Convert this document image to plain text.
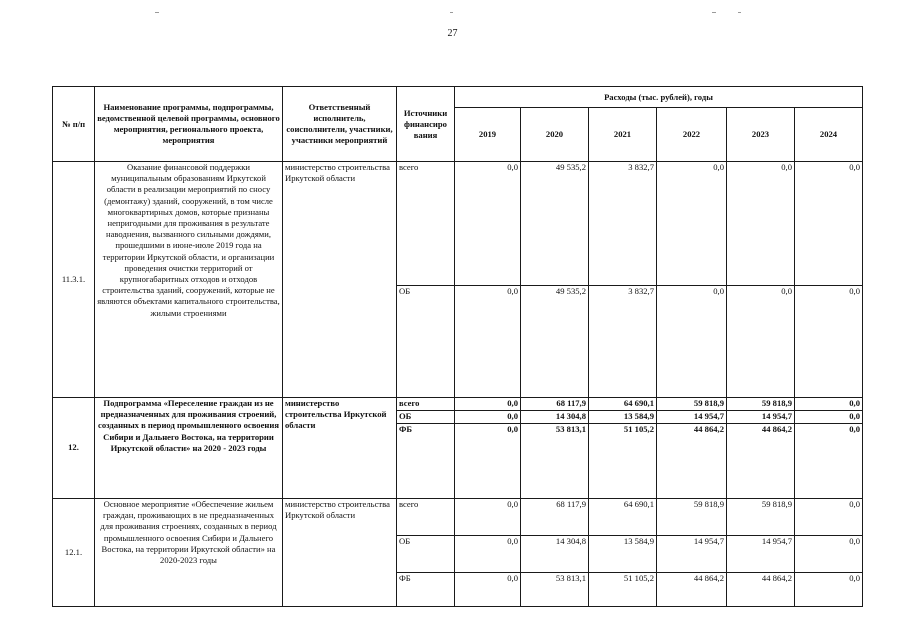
27
№ п/п	Наименование программы, подпрограммы, ведомственной целевой программы, основного мероприятия, регионального проекта, мероприятия	Ответственный исполнитель, соисполнители, участники, участники мероприятий	Источники финансиро вания	Расходы (тыс. рублей), годы					
				2019	2020	2021	2022	2023	2024
11.3.1.	Оказание финансовой поддержки муниципальным образованиям Иркутской области в реализации мероприятий по сносу (демонтажу) зданий, сооружений, в том числе многоквартирных домов, которые признаны непригодными для проживания в результате наводнения, вызванного сильными дождями, прошедшими в июне-июле 2019 года на территории Иркутской области, и организации проведения очистки территорий от крупногабаритных отходов и отходов строительства зданий, сооружений, которые не являются объектами капитального строительства, жилыми строениями	министерство строительства Иркутской области	всего	0,0	49 535,2	3 832,7	0,0	0,0	0,0
			ОБ	0,0	49 535,2	3 832,7	0,0	0,0	0,0
12.	Подпрограмма «Переселение граждан из не предназначенных для проживания строений, созданных в период промышленного освоения Сибири и Дальнего Востока, на территории Иркутской области» на 2020 - 2023 годы	министерство строительства Иркутской области	всего	0,0	68 117,9	64 690,1	59 818,9	59 818,9	0,0
			ОБ	0,0	14 304,8	13 584,9	14 954,7	14 954,7	0,0
			ФБ	0,0	53 813,1	51 105,2	44 864,2	44 864,2	0,0
12.1.	Основное мероприятие «Обеспечение жильем граждан, проживающих в не предназначенных для проживания строениях, созданных в период промышленного освоения Сибири и Дальнего Востока, на территории Иркутской области» на 2020-2023 годы	министерство строительства Иркутской области	всего	0,0	68 117,9	64 690,1	59 818,9	59 818,9	0,0
			ОБ	0,0	14 304,8	13 584,9	14 954,7	14 954,7	0,0
			ФБ	0,0	53 813,1	51 105,2	44 864,2	44 864,2	0,0
